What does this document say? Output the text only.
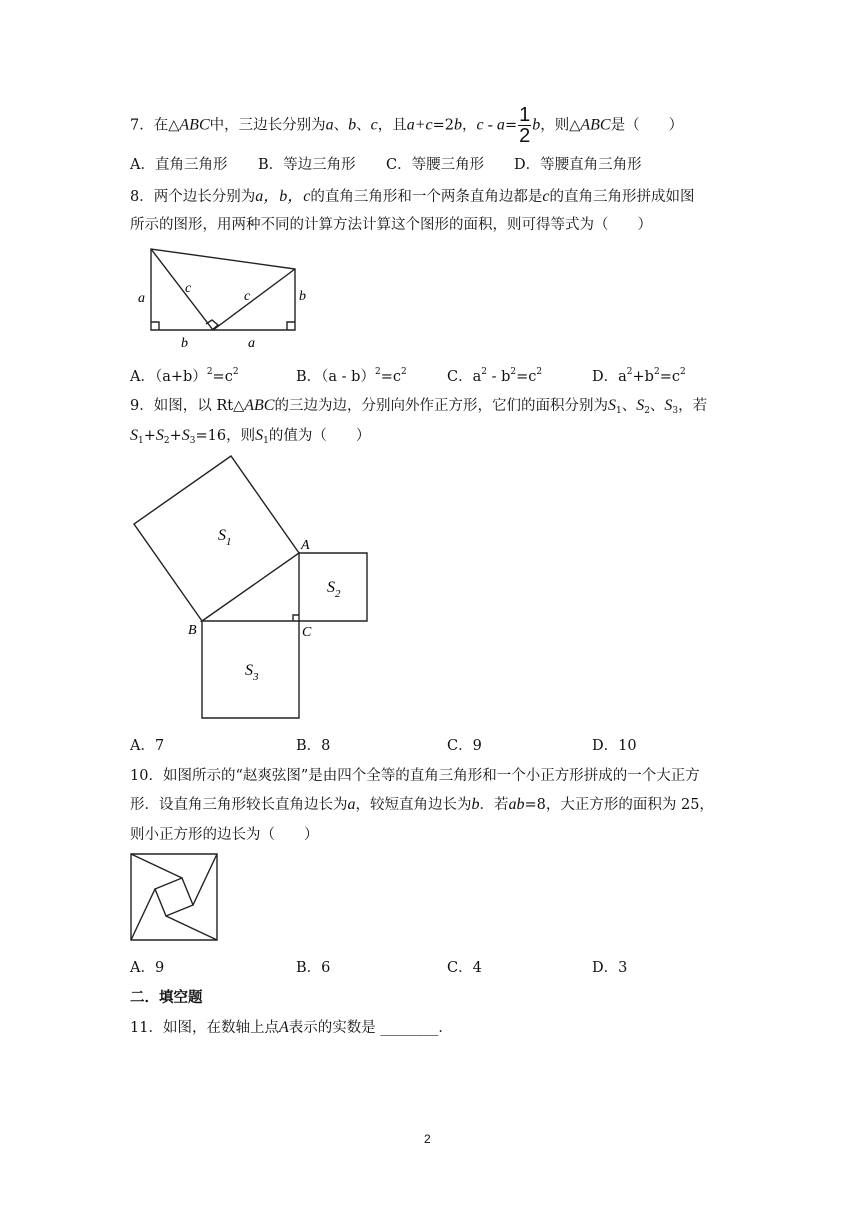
7．在△ABC中，三边长分别为a、b、c，且a+c=2b，$c - a= \frac{1}{2}$ b，则△ABC是（　　）
A．直角三角形 B．等边三角形 C．等腰三角形 D．等腰直角三角形
8．两个边长分别为a，b，c的直角三角形和一个两条直角边都是c的直角三角形拼成如图
所示的图形，用两种不同的计算方法计算这个图形的面积，则可得等式为（　　）
a
c
c	b
b	a
A．$(a+b)^2=c^2$	B．$(a - b)^2=c^2$	C．$a^2 - b^2=c^2$	D．$a^2+b^2=c^2$
9．如图，以 Rt△ABC的三边为边，分别向外作正方形，它们的面积分别为$S_1$、$S_2$、$S_3$，若
$S_1+S_2+S_3=16$，则$S_1$的值为（　　）
$S_1$
$S_2$
$S_3$
A
B	C
A．7	B．8	C．9	D．10
10．如图所示的“赵爽弦图”是由四个全等的直角三角形和一个小正方形拼成的一个大正方
形．设直角三角形较长直角边长为a，较短直角边长为b．若ab=8，大正方形的面积为 25，
则小正方形的边长为（　　）
A．9	B．6	C．4	D．3
二．填空题
11．如图，在数轴上点A表示的实数是 ________．
2
